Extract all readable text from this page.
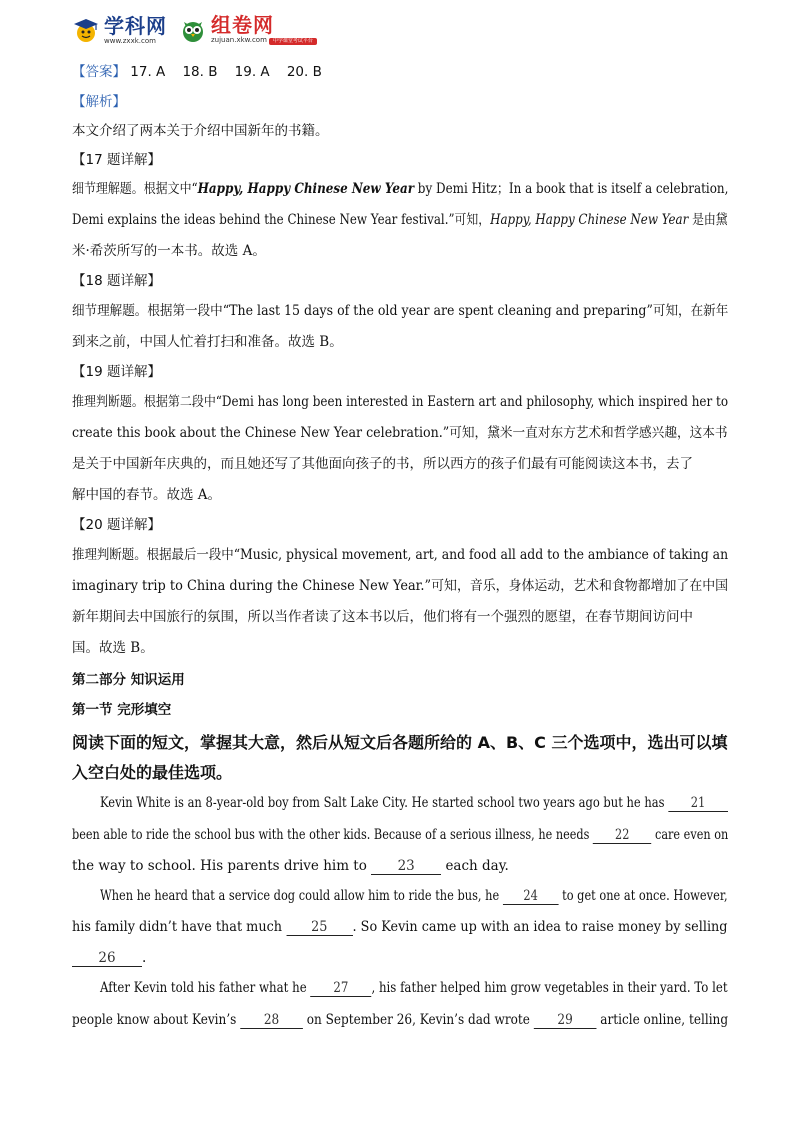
学科网
www.zxxk.com
组卷网
zujuan.xkw.com 中学课堂考试平台
【答案】 17. A 18. B 19. A 20. B
【解析】
本文介绍了两本关于介绍中国新年的书籍。
【17 题详解】
细节理解题。根据文中“Happy, Happy Chinese New Year by Demi Hitz；In a book that is itself a celebration,
Demi explains the ideas behind the Chinese New Year festival.”可知，Happy, Happy Chinese New Year 是由黛
米·希茨所写的一本书。故选 A。
【18 题详解】
细节理解题。根据第一段中“The last 15 days of the old year are spent cleaning and preparing”可知，在新年
到来之前，中国人忙着打扫和准备。故选 B。
【19 题详解】
推理判断题。根据第二段中“Demi has long been interested in Eastern art and philosophy, which inspired her to
create this book about the Chinese New Year celebration.”可知，黛米一直对东方艺术和哲学感兴趣，这本书
是关于中国新年庆典的，而且她还写了其他面向孩子的书，所以西方的孩子们最有可能阅读这本书，去了
解中国的春节。故选 A。
【20 题详解】
推理判断题。根据最后一段中“Music, physical movement, art, and food all add to the ambiance of taking an
imaginary trip to China during the Chinese New Year.”可知，音乐，身体运动，艺术和食物都增加了在中国
新年期间去中国旅行的氛围，所以当作者读了这本书以后，他们将有一个强烈的愿望，在春节期间访问中
国。故选 B。
第二部分 知识运用
第一节 完形填空
阅读下面的短文，掌握其大意，然后从短文后各题所给的 A、B、C 三个选项中，选出可以填
入空白处的最佳选项。
Kevin White is an 8-year-old boy from Salt Lake City. He started school two years ago but he has 21
been able to ride the school bus with the other kids. Because of a serious illness, he needs 22 care even on
the way to school. His parents drive him to 23 each day.
When he heard that a service dog could allow him to ride the bus, he 24 to get one at once. However,
his family didn’t have that much 25 . So Kevin came up with an idea to raise money by selling
26 .
After Kevin told his father what he 27 , his father helped him grow vegetables in their yard. To let
people know about Kevin’s 28 on September 26, Kevin’s dad wrote 29 article online, telling
